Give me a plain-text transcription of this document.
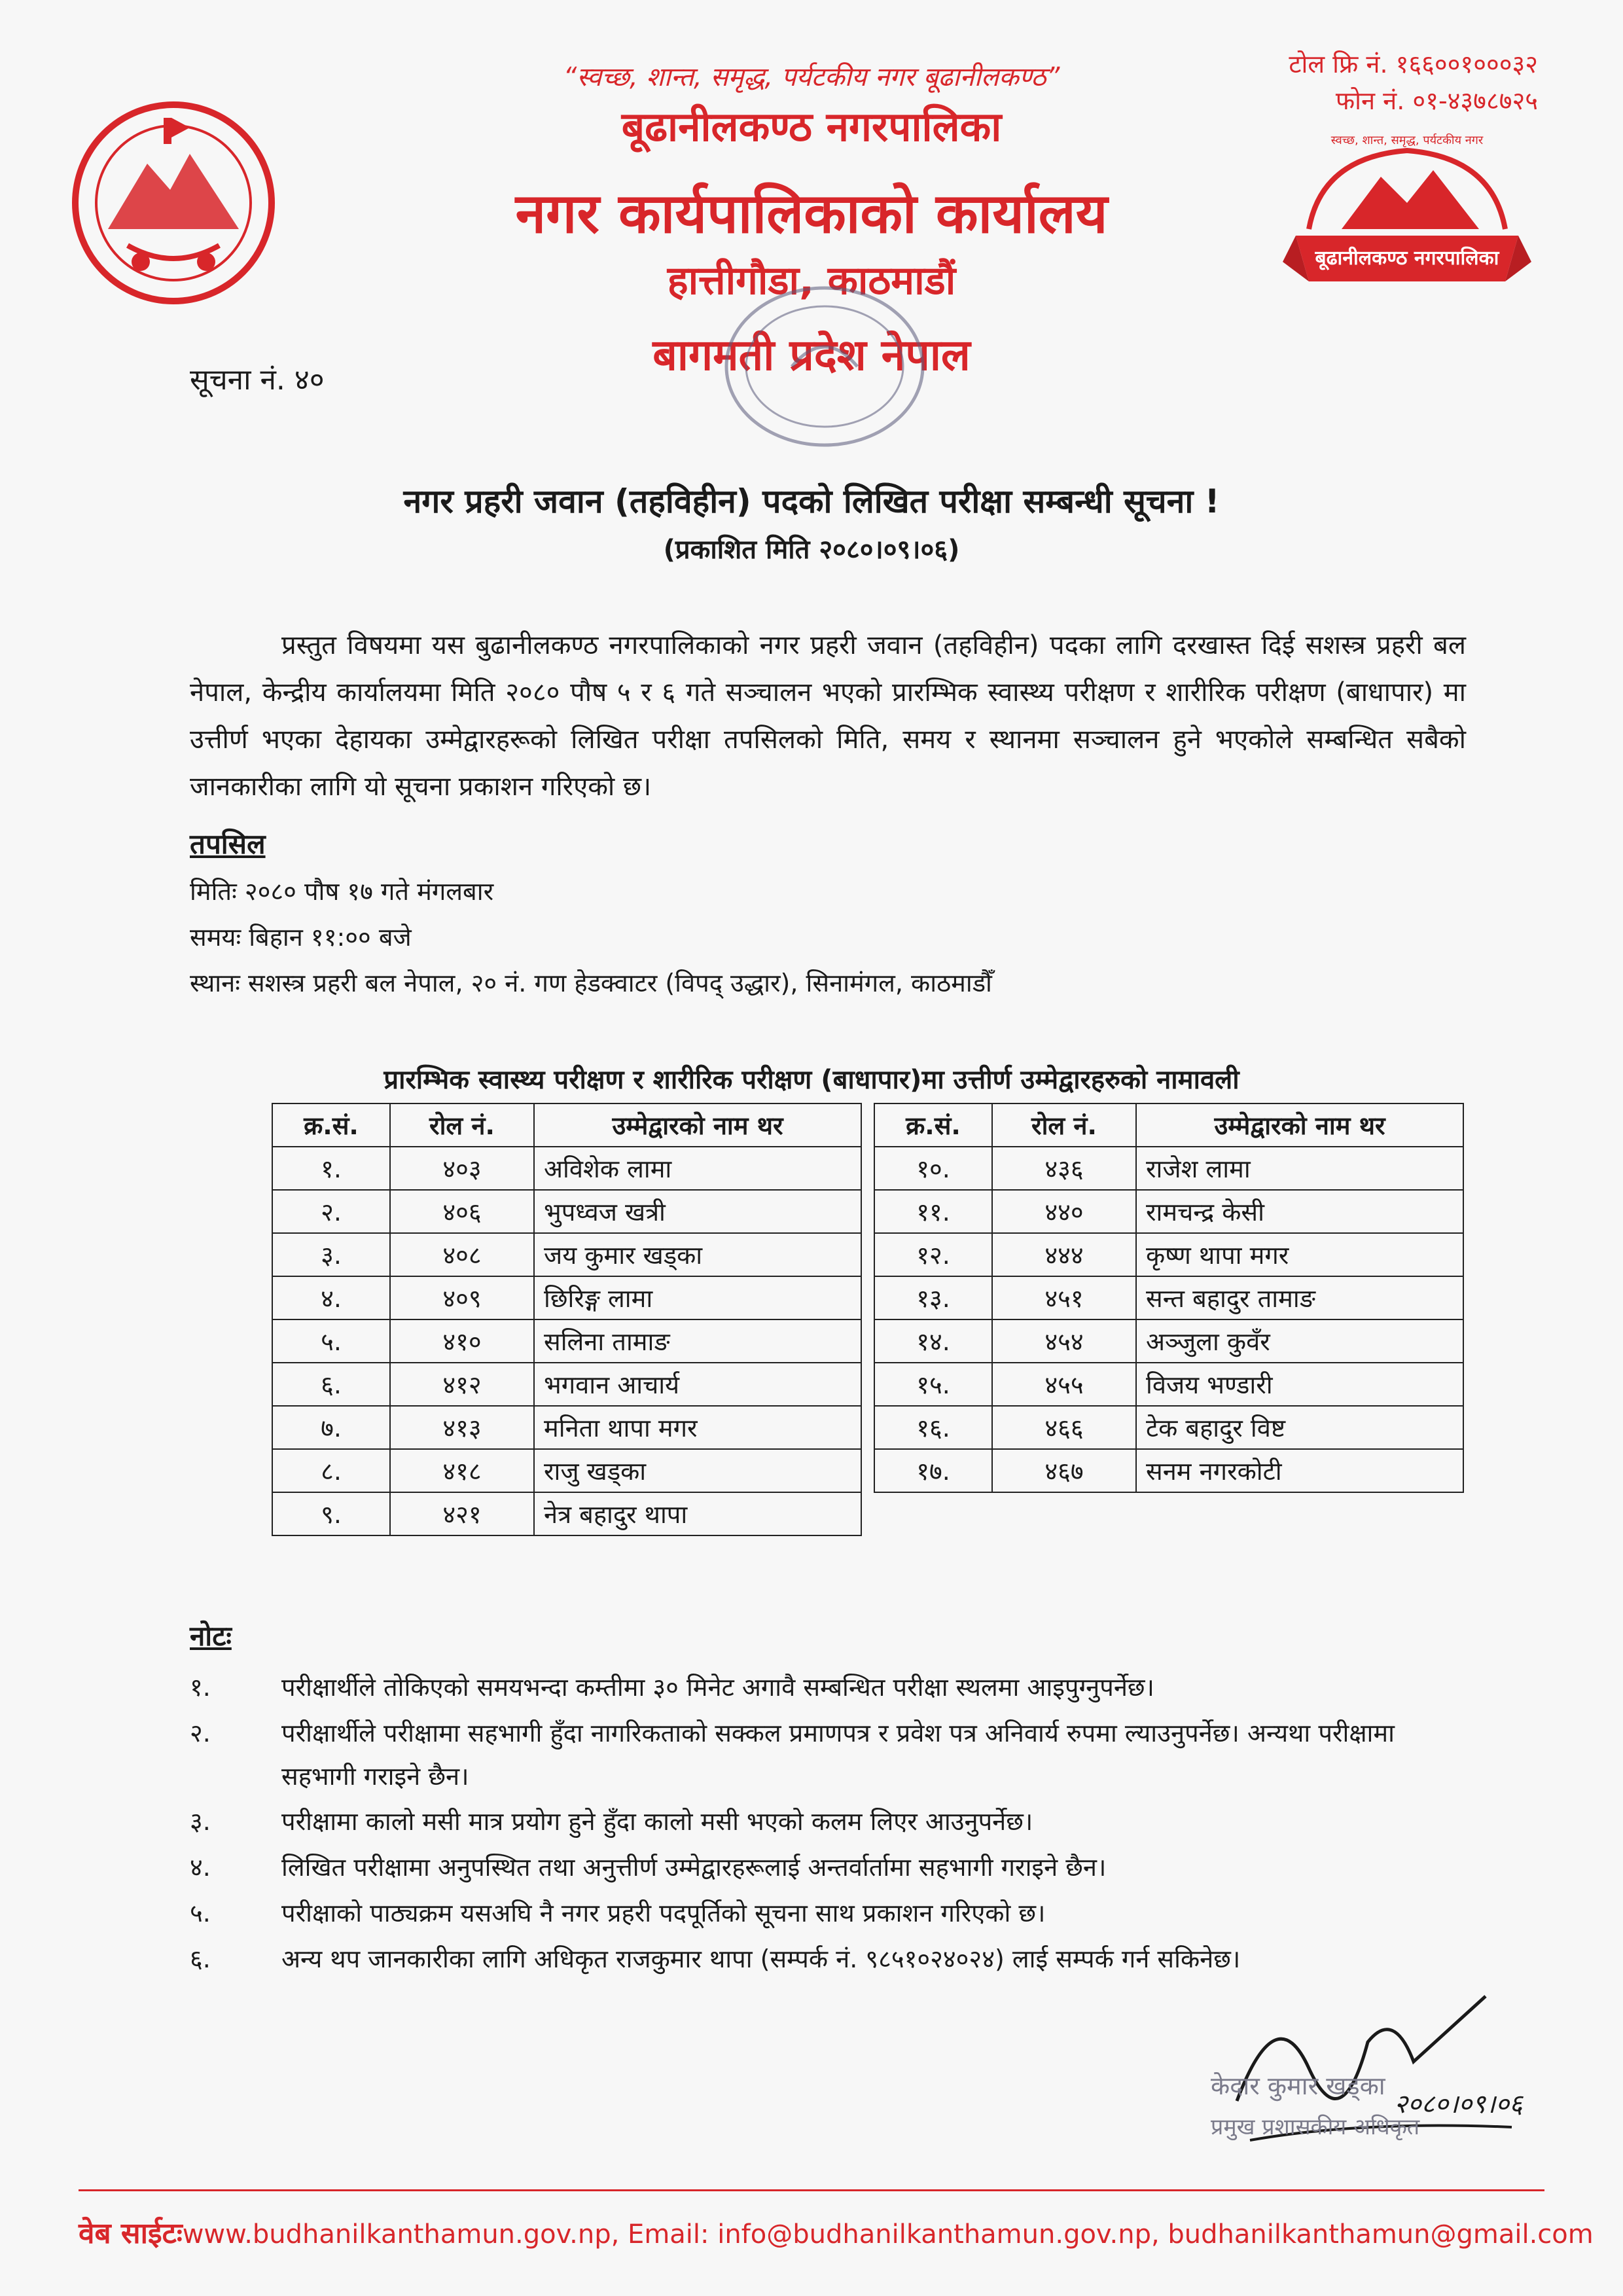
“स्वच्छ, शान्त, समृद्ध, पर्यटकीय नगर बूढानीलकण्ठ”	टोल फ्रि नं. १६६००१०००३२
फोन नं. ०१-४३७८७२५
बूढानीलकण्ठ नगरपालिका
स्वच्छ, शान्त, समृद्ध, पर्यटकीय नगर
बूढानीलकण्ठ नगरपालिका
नगर कार्यपालिकाको कार्यालय
हात्तीगौडा, काठमाडौं
बागमती प्रदेश नेपाल
सूचना नं. ४०
नगर प्रहरी जवान (तहविहीन) पदको लिखित परीक्षा सम्बन्धी सूचना !
(प्रकाशित मिति २०८०।०९।०६)
प्रस्तुत विषयमा यस बुढानीलकण्ठ नगरपालिकाको नगर प्रहरी जवान (तहविहीन) पदका लागि दरखास्त दिई सशस्त्र प्रहरी बल नेपाल, केन्द्रीय कार्यालयमा मिति २०८० पौष ५ र ६ गते सञ्चालन भएको प्रारम्भिक स्वास्थ्य परीक्षण र शारीरिक परीक्षण (बाधापार) मा उत्तीर्ण भएका देहायका उम्मेद्वारहरूको लिखित परीक्षा तपसिलको मिति, समय र स्थानमा सञ्चालन हुने भएकोले सम्बन्धित सबैको जानकारीका लागि यो सूचना प्रकाशन गरिएको छ।
तपसिल
मितिः २०८० पौष १७ गते मंगलबार
समयः बिहान ११:०० बजे
स्थानः सशस्त्र प्रहरी बल नेपाल, २० नं. गण हेडक्वाटर (विपद् उद्धार), सिनामंगल, काठमाडौँ
प्रारम्भिक स्वास्थ्य परीक्षण र शारीरिक परीक्षण (बाधापार)मा उत्तीर्ण उम्मेद्वारहरुको नामावली
क्र.सं.	रोल नं.	उम्मेद्वारको नाम थर
१.	४०३	अविशेक लामा
२.	४०६	भुपध्वज खत्री
३.	४०८	जय कुमार खड्का
४.	४०९	छिरिङ्ग लामा
५.	४१०	सलिना तामाङ
६.	४१२	भगवान आचार्य
७.	४१३	मनिता थापा मगर
८.	४१८	राजु खड्का
९.	४२१	नेत्र बहादुर थापा
क्र.सं.	रोल नं.	उम्मेद्वारको नाम थर
१०.	४३६	राजेश लामा
११.	४४०	रामचन्द्र केसी
१२.	४४४	कृष्ण थापा मगर
१३.	४५१	सन्त बहादुर तामाङ
१४.	४५४	अञ्जुला कुवँर
१५.	४५५	विजय भण्डारी
१६.	४६६	टेक बहादुर विष्ट
१७.	४६७	सनम नगरकोटी
नोटः
१.	परीक्षार्थीले तोकिएको समयभन्दा कम्तीमा ३० मिनेट अगावै सम्बन्धित परीक्षा स्थलमा आइपुग्नुपर्नेछ।
२.	परीक्षार्थीले परीक्षामा सहभागी हुँदा नागरिकताको सक्कल प्रमाणपत्र र प्रवेश पत्र अनिवार्य रुपमा ल्याउनुपर्नेछ। अन्यथा परीक्षामा सहभागी गराइने छैन।
३.	परीक्षामा कालो मसी मात्र प्रयोग हुने हुँदा कालो मसी भएको कलम लिएर आउनुपर्नेछ।
४.	लिखित परीक्षामा अनुपस्थित तथा अनुत्तीर्ण उम्मेद्वारहरूलाई अन्तर्वार्तामा सहभागी गराइने छैन।
५.	परीक्षाको पाठ्यक्रम यसअघि नै नगर प्रहरी पदपूर्तिको सूचना साथ प्रकाशन गरिएको छ।
६.	अन्य थप जानकारीका लागि अधिकृत राजकुमार थापा (सम्पर्क नं. ९८५१०२४०२४) लाई सम्पर्क गर्न सकिनेछ।
केदार कुमार खड्का
प्रमुख प्रशासकीय अधिकृत
२०८०।०९।०६
वेब साईटःwww.budhanilkanthamun.gov.np, Email: info@budhanilkanthamun.gov.np, budhanilkanthamun@gmail.com
